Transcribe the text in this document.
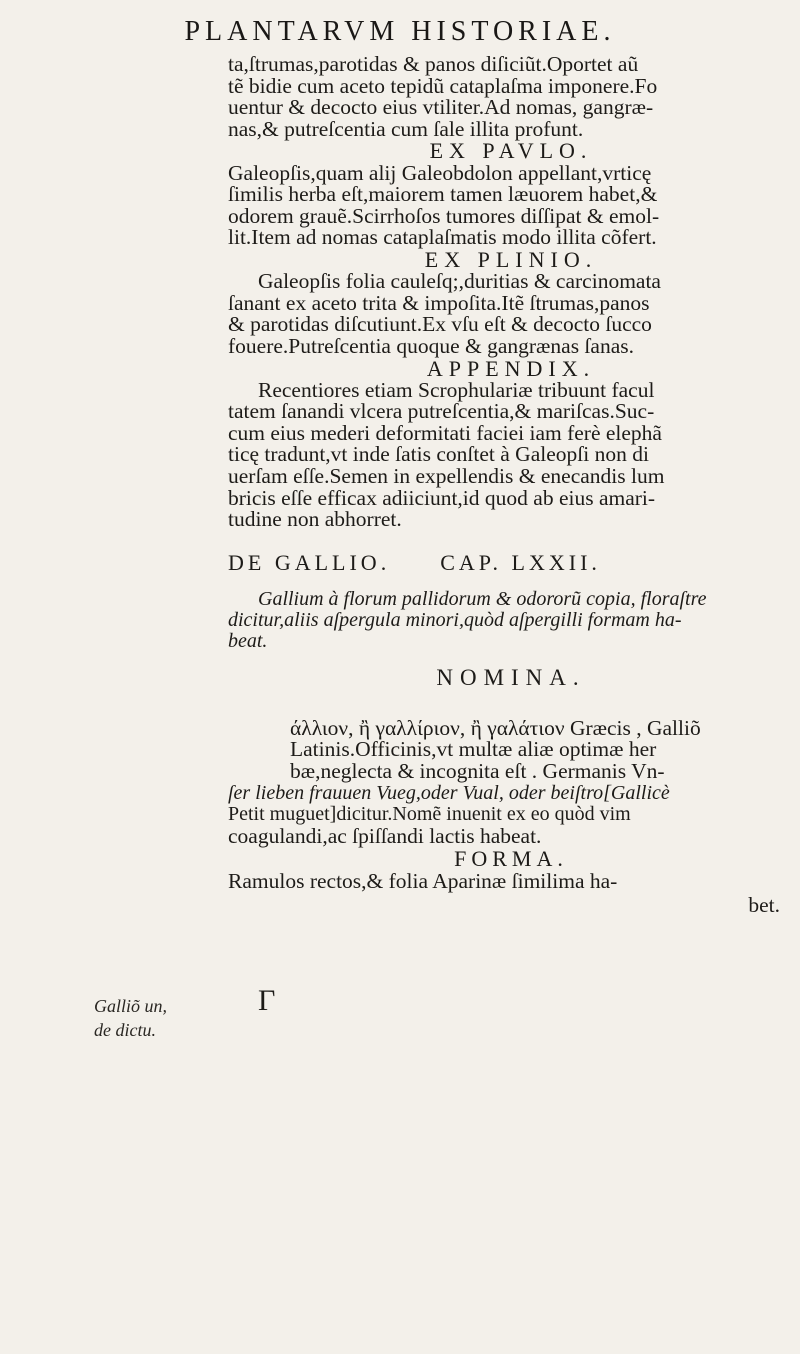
PLANTARVM HISTORIAE.
ta,ſtrumas,parotidas & panos diſiciũt.Oportet aũ
tẽ bidie cum aceto tepidũ cataplaſma imponere.Fo
uentur & decocto eius vtiliter.Ad nomas, gangræ-
nas,& putreſcentia cum ſale illita profunt.
EX PAVLO.
Galeopſis,quam alij Galeobdolon appellant,vrticę
ſimilis herba eſt,maiorem tamen læuorem habet,&
odorem grauẽ.Scirrhoſos tumores diſſipat & emol-
lit.Item ad nomas cataplaſmatis modo illita cõfert.
EX PLINIO.
Galeopſis folia cauleſq;,duritias & carcinomata
ſanant ex aceto trita & impoſita.Itẽ ſtrumas,panos
& parotidas diſcutiunt.Ex vſu eſt & decocto ſucco
fouere.Putreſcentia quoque & gangrænas ſanas.
APPENDIX.
Recentiores etiam Scrophulariæ tribuunt facul
tatem ſanandi vlcera putreſcentia,& mariſcas.Suc-
cum eius mederi deformitati faciei iam ferè elephã
ticę tradunt,vt inde ſatis conſtet à Galeopſi non di
uerſam eſſe.Semen in expellendis & enecandis lum
bricis eſſe efficax adiiciunt,id quod ab eius amari-
tudine non abhorret.
DE GALLIO. CAP. LXXII.
Gallium à florum pallidorum & odororũ copia, floraſtre
dicitur,aliis aſpergula minori,quòd aſpergilli formam ha-
beat.
NOMINA.
άλλιον, ἢ γαλλίριον, ἢ γαλάτιον Græcis , Galliõ
Latinis.Officinis,vt multæ aliæ optimæ her
bæ,neglecta & incognita eſt . Germanis Vn-
ſer lieben frauuen Vueg,oder Vual, oder beiſtro[Gallicè
Petit muguet]dicitur.Nomẽ inuenit ex eo quòd vim
coagulandi,ac ſpiſſandi lactis habeat.
FORMA.
Ramulos rectos,& folia Aparinæ ſimilima ha-
bet.
Γ
Galliõ un,
de dictu.
